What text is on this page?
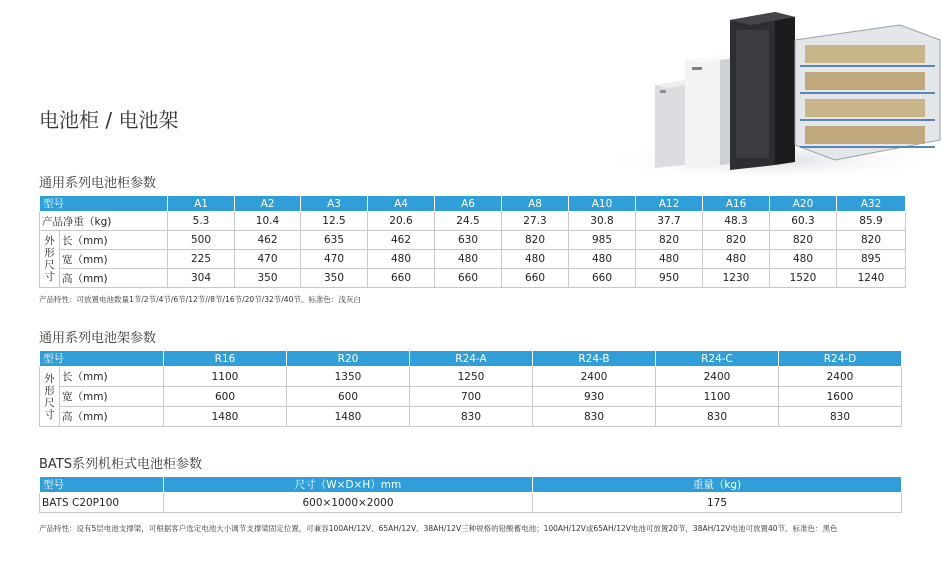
电池柜 / 电池架
通用系列电池柜参数
型号		A1	A2	A3	A4	A6	A8	A10	A12	A16	A20	A32
产品净重（kg)		5.3	10.4	12.5	20.6	24.5	27.3	30.8	37.7	48.3	60.3	85.9

外
形
尺
寸	长（mm)	500	462	635	462	630	820	985	820	820	820	820
	宽（mm)	225	470	470	480	480	480	480	480	480	480	895
	高（mm)	304	350	350	660	660	660	660	950	1230	1520	1240
产品特性：可放置电池数量1节/2节/4节/6节/12节//8节/16节/20节/32节/40节。标准色：浅灰白
通用系列电池架参数
型号		R16	R20	R24-A	R24-B	R24-C	R24-D

外
形
尺
寸	长（mm)	1100	1350	1250	2400	2400	2400
	宽（mm)	600	600	700	930	1100	1600
	高（mm)	1480	1480	830	830	830	830
BATS系列机柜式电池柜参数
型号	尺寸（W×D×H）mm	重量（kg)
BATS C20P100	600×1000×2000	175
产品特性：设有5层电池支撑梁，可根据客户选定电池大小调节支撑梁固定位置，可兼容100AH/12V、65AH/12V、38AH/12V三种规格的铅酸蓄电池；100AH/12V或65AH/12V电池可放置20节，38AH/12V电池可放置40节。标准色：黑色
